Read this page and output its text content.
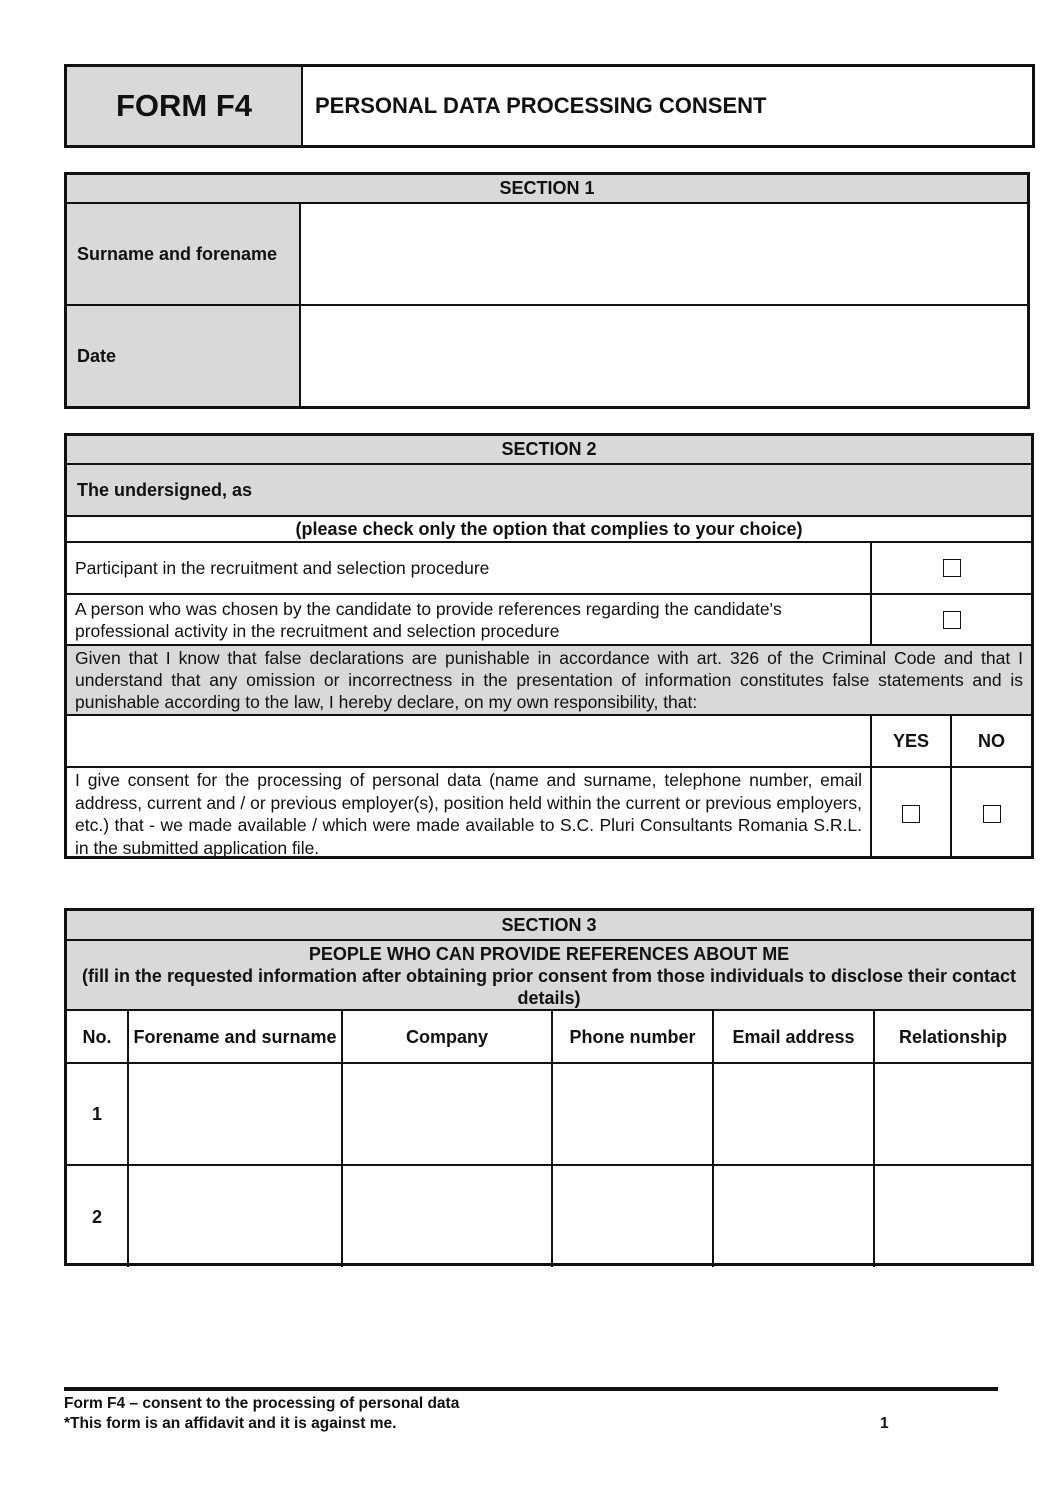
FORM F4	PERSONAL DATA PROCESSING CONSENT
SECTION 1
Surname and forename
Date
SECTION 2
The undersigned, as
(please check only the option that complies to your choice)
Participant in the recruitment and selection procedure
A person who was chosen by the candidate to provide references regarding the candidate's professional activity in the recruitment and selection procedure
Given that I know that false declarations are punishable in accordance with art. 326 of the Criminal Code and that I understand that any omission or incorrectness in the presentation of information constitutes false statements and is punishable according to the law, I hereby declare, on my own responsibility, that:
YES	NO
I give consent for the processing of personal data (name and surname, telephone number, email address, current and / or previous employer(s), position held within the current or previous employers, etc.) that - we made available / which were made available to S.C. Pluri Consultants Romania S.R.L. in the submitted application file.
SECTION 3
PEOPLE WHO CAN PROVIDE REFERENCES ABOUT ME
(fill in the requested information after obtaining prior consent from those individuals to disclose their contact details)
No.	Forename and surname	Company	Phone number	Email address	Relationship
1					
2					
Form F4 – consent to the processing of personal data
*This form is an affidavit and it is against me.	1
